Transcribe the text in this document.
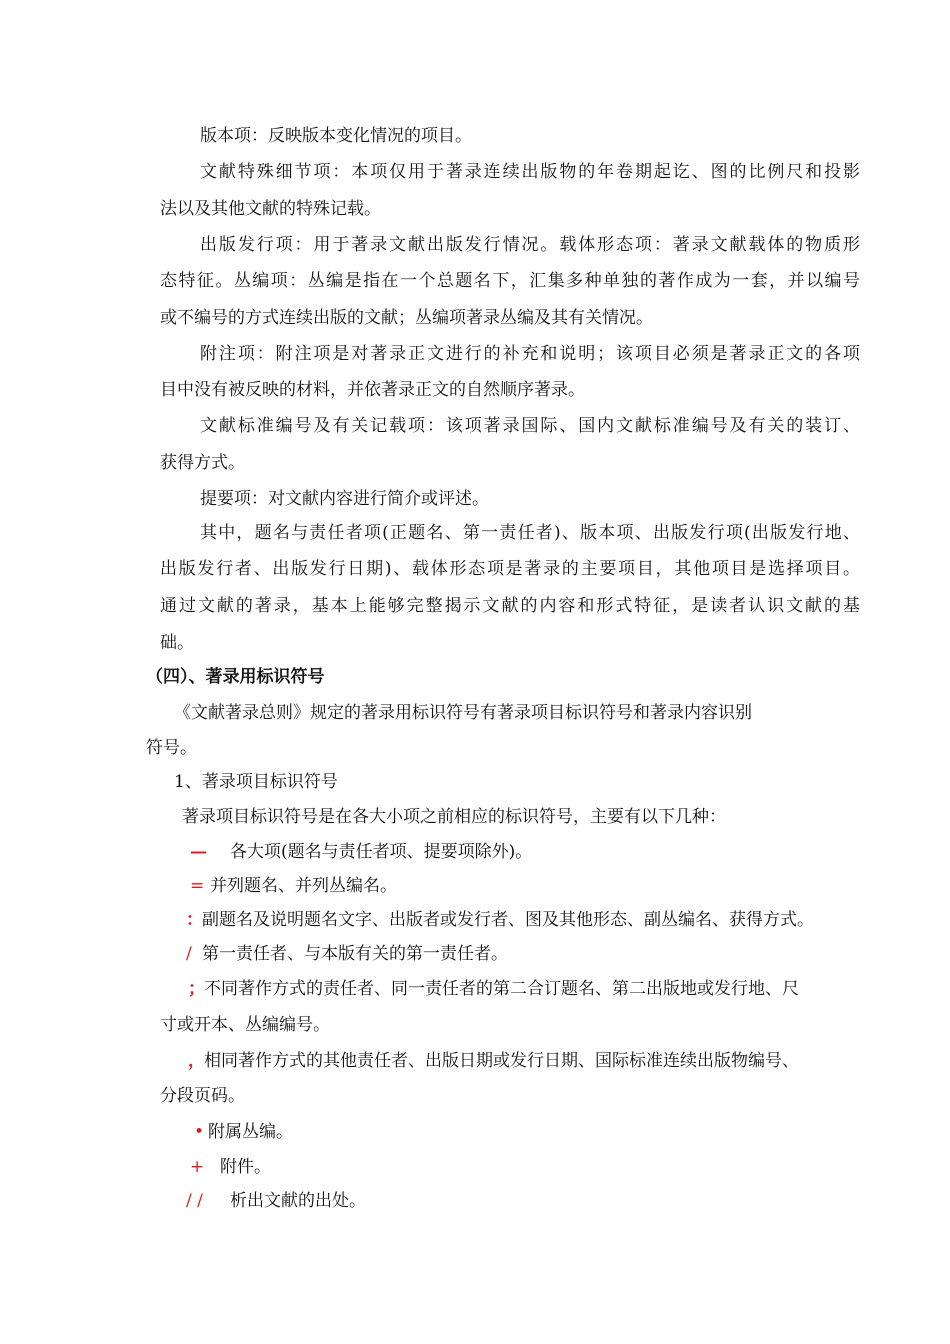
版本项：反映版本变化情况的项目。
文献特殊细节项：本项仅用于著录连续出版物的年卷期起讫、图的比例尺和投影
法以及其他文献的特殊记载。
出版发行项：用于著录文献出版发行情况。载体形态项：著录文献载体的物质形
态特征。丛编项：丛编是指在一个总题名下，汇集多种单独的著作成为一套，并以编号
或不编号的方式连续出版的文献；丛编项著录丛编及其有关情况。
附注项：附注项是对著录正文进行的补充和说明；该项目必须是著录正文的各项
目中没有被反映的材料，并依著录正文的自然顺序著录。
文献标准编号及有关记载项：该项著录国际、国内文献标准编号及有关的装订、
获得方式。
提要项：对文献内容进行简介或评述。
其中，题名与责任者项(正题名、第一责任者)、版本项、出版发行项(出版发行地、
出版发行者、出版发行日期)、载体形态项是著录的主要项目，其他项目是选择项目。
通过文献的著录，基本上能够完整揭示文献的内容和形式特征，是读者认识文献的基
础。
（四）、著录用标识符号
《文献著录总则》规定的著录用标识符号有著录项目标识符号和著录内容识别
符号。
1、著录项目标识符号
著录项目标识符号是在各大小项之前相应的标识符号，主要有以下几种：
— 各大项(题名与责任者项、提要项除外)。
= 并列题名、并列丛编名。
：副题名及说明题名文字、出版者或发行者、图及其他形态、副丛编名、获得方式。
/ 第一责任者、与本版有关的第一责任者。
；不同著作方式的责任者、同一责任者的第二合订题名、第二出版地或发行地、尺
寸或开本、丛编编号。
，相同著作方式的其他责任者、出版日期或发行日期、国际标准连续出版物编号、
分段页码。
• 附属丛编。
+ 附件。
/ / 析出文献的出处。
